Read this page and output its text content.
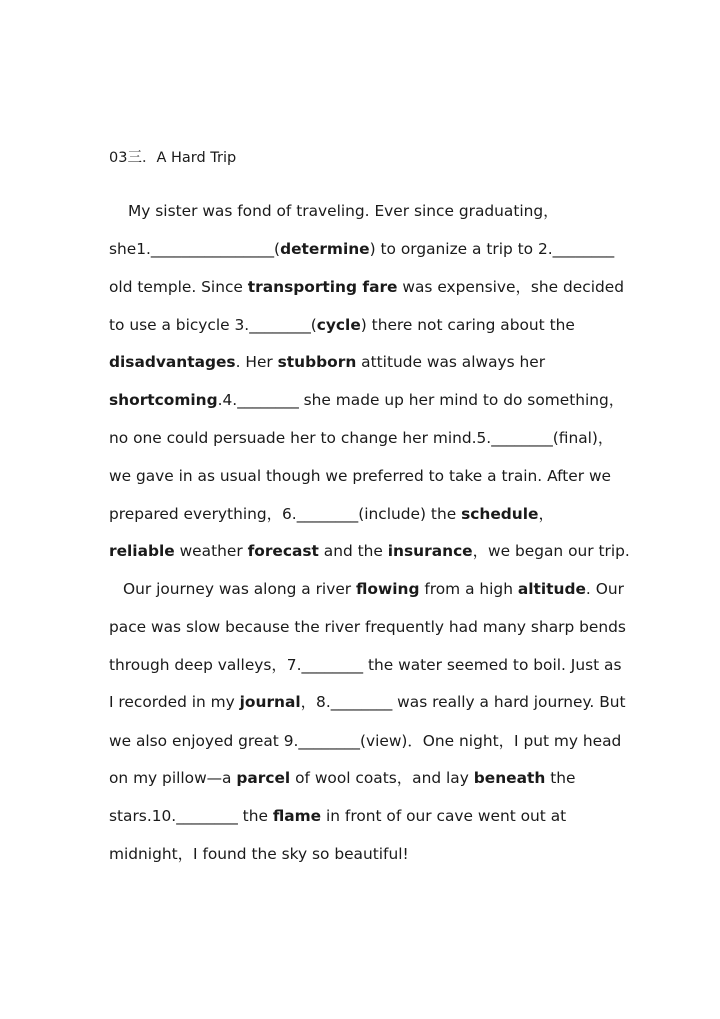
03三．A Hard Trip
My sister was fond of traveling. Ever since graduating，
she1.________________(determine) to organize a trip to 2.________
old temple. Since transporting fare was expensive，she decided
to use a bicycle 3.________(cycle) there not caring about the
disadvantages. Her stubborn attitude was always her
shortcoming.4.________ she made up her mind to do something，
no one could persuade her to change her mind.5.________(final)，
we gave in as usual though we preferred to take a train. After we
prepared everything，6.________(include) the schedule，
reliable weather forecast and the insurance，we began our trip.
Our journey was along a river flowing from a high altitude. Our
pace was slow because the river frequently had many sharp bends
through deep valleys，7.________ the water seemed to boil. Just as
I recorded in my journal，8.________ was really a hard journey. But
we also enjoyed great 9.________(view)．One night，I put my head
on my pillow—a parcel of wool coats，and lay beneath the
stars.10.________ the flame in front of our cave went out at
midnight，I found the sky so beautiful!
